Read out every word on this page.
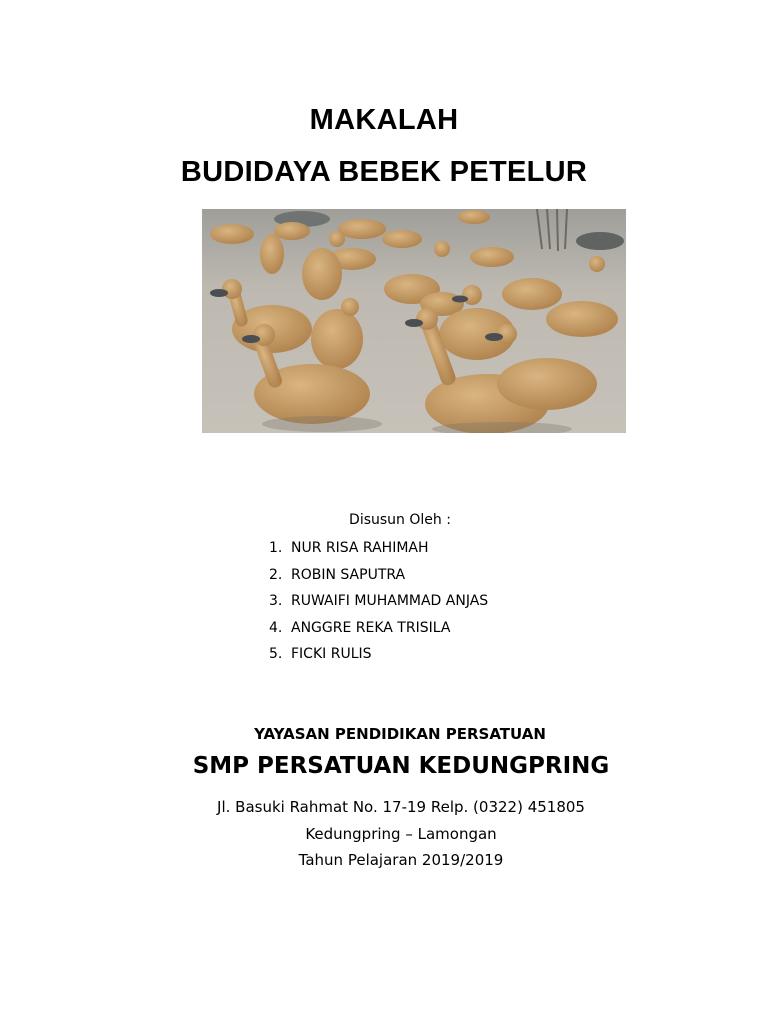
MAKALAH
BUDIDAYA BEBEK PETELUR
Disusun Oleh :
1. NUR RISA RAHIMAH
2. ROBIN SAPUTRA
3. RUWAIFI MUHAMMAD ANJAS
4. ANGGRE REKA TRISILA
5. FICKI RULIS
YAYASAN PENDIDIKAN PERSATUAN
SMP PERSATUAN KEDUNGPRING
Jl. Basuki Rahmat No. 17-19 Relp. (0322) 451805
Kedungpring – Lamongan
Tahun Pelajaran 2019/2019
